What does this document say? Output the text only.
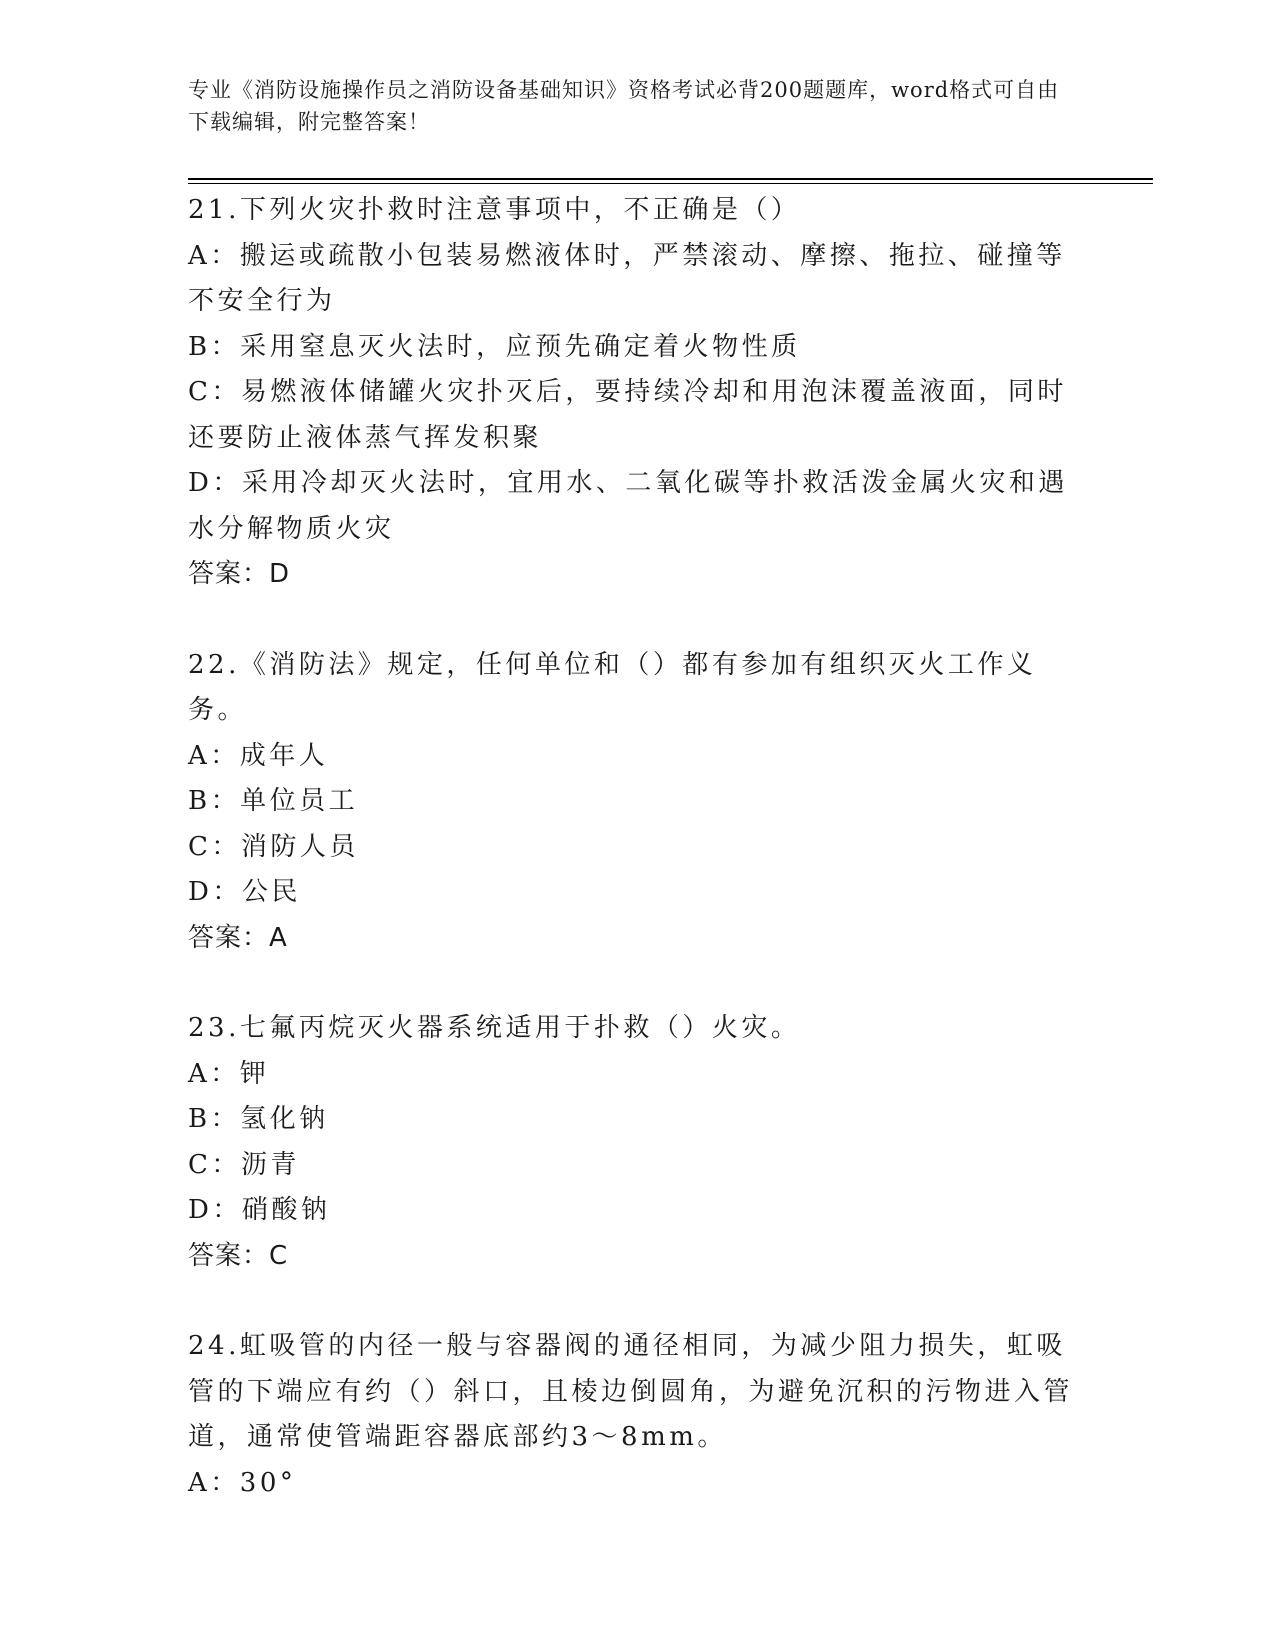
专业《消防设施操作员之消防设备基础知识》资格考试必背200题题库，word格式可自由下载编辑，附完整答案！
21.下列火灾扑救时注意事项中，不正确是（）
A：搬运或疏散小包装易燃液体时，严禁滚动、摩擦、拖拉、碰撞等不安全行为
B：采用窒息灭火法时，应预先确定着火物性质
C：易燃液体储罐火灾扑灭后，要持续冷却和用泡沫覆盖液面，同时还要防止液体蒸气挥发积聚
D：采用冷却灭火法时，宜用水、二氧化碳等扑救活泼金属火灾和遇水分解物质火灾
答案：D
22.《消防法》规定，任何单位和（）都有参加有组织灭火工作义务。
A：成年人
B：单位员工
C：消防人员
D：公民
答案：A
23.七氟丙烷灭火器系统适用于扑救（）火灾。
A：钾
B：氢化钠
C：沥青
D：硝酸钠
答案：C
24.虹吸管的内径一般与容器阀的通径相同，为减少阻力损失，虹吸管的下端应有约（）斜口，且棱边倒圆角，为避免沉积的污物进入管道，通常使管端距容器底部约3～8mm。
A：30°
